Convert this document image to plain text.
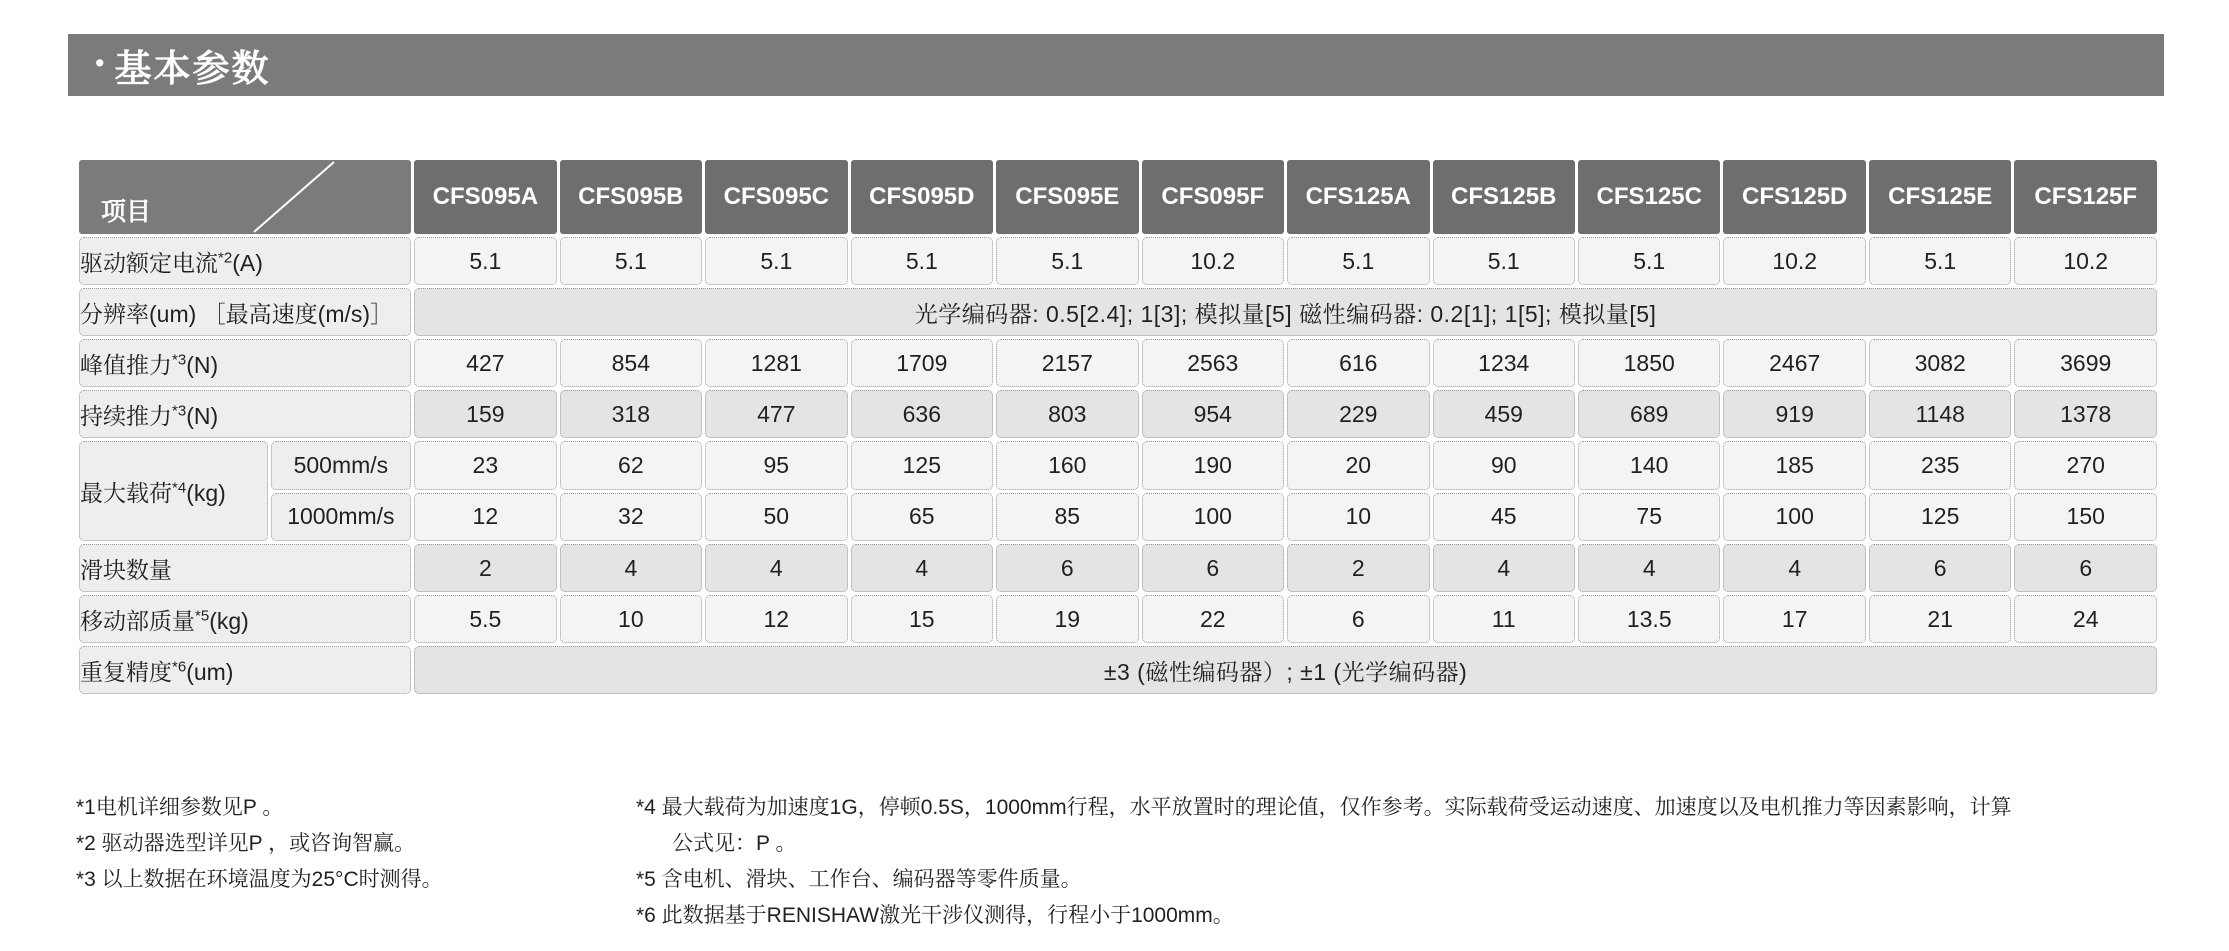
• 基本参数
项目		CFS095A	CFS095B	CFS095C	CFS095D	CFS095E	CFS095F	CFS125A	CFS125B	CFS125C	CFS125D	CFS125E	CFS125F
驱动额定电流$^{*2}$(A)		5.1	5.1	5.1	5.1	5.1	10.2	5.1	5.1	5.1	10.2	5.1	10.2
分辨率(um) ［最高速度(m/s)］		光学编码器: 0.5[2.4]; 1[3]; 模拟量[5] 磁性编码器: 0.2[1]; 1[5]; 模拟量[5]											
峰值推力$^{*3}$(N)		427	854	1281	1709	2157	2563	616	1234	1850	2467	3082	3699
持续推力$^{*3}$(N)		159	318	477	636	803	954	229	459	689	919	1148	1378
最大载荷$^{*4}$(kg)	500mm/s	23	62	95	125	160	190	20	90	140	185	235	270
	1000mm/s	12	32	50	65	85	100	10	45	75	100	125	150
滑块数量		2	4	4	4	6	6	2	4	4	4	6	6
移动部质量$^{*5}$(kg)		5.5	10	12	15	19	22	6	11	13.5	17	21	24
重复精度$^{*6}$(um)		±3 (磁性编码器）; ±1 (光学编码器)											
*1电机详细参数见P 。
*2 驱动器选型详见P ，或咨询智赢。
*3 以上数据在环境温度为25°C时测得。
*4 最大载荷为加速度1G，停顿0.5S，1000mm行程，水平放置时的理论值，仅作参考。实际载荷受运动速度、加速度以及电机推力等因素影响，计算
公式见：P 。
*5 含电机、滑块、工作台、编码器等零件质量。
*6 此数据基于RENISHAW激光干涉仪测得，行程小于1000mm。
